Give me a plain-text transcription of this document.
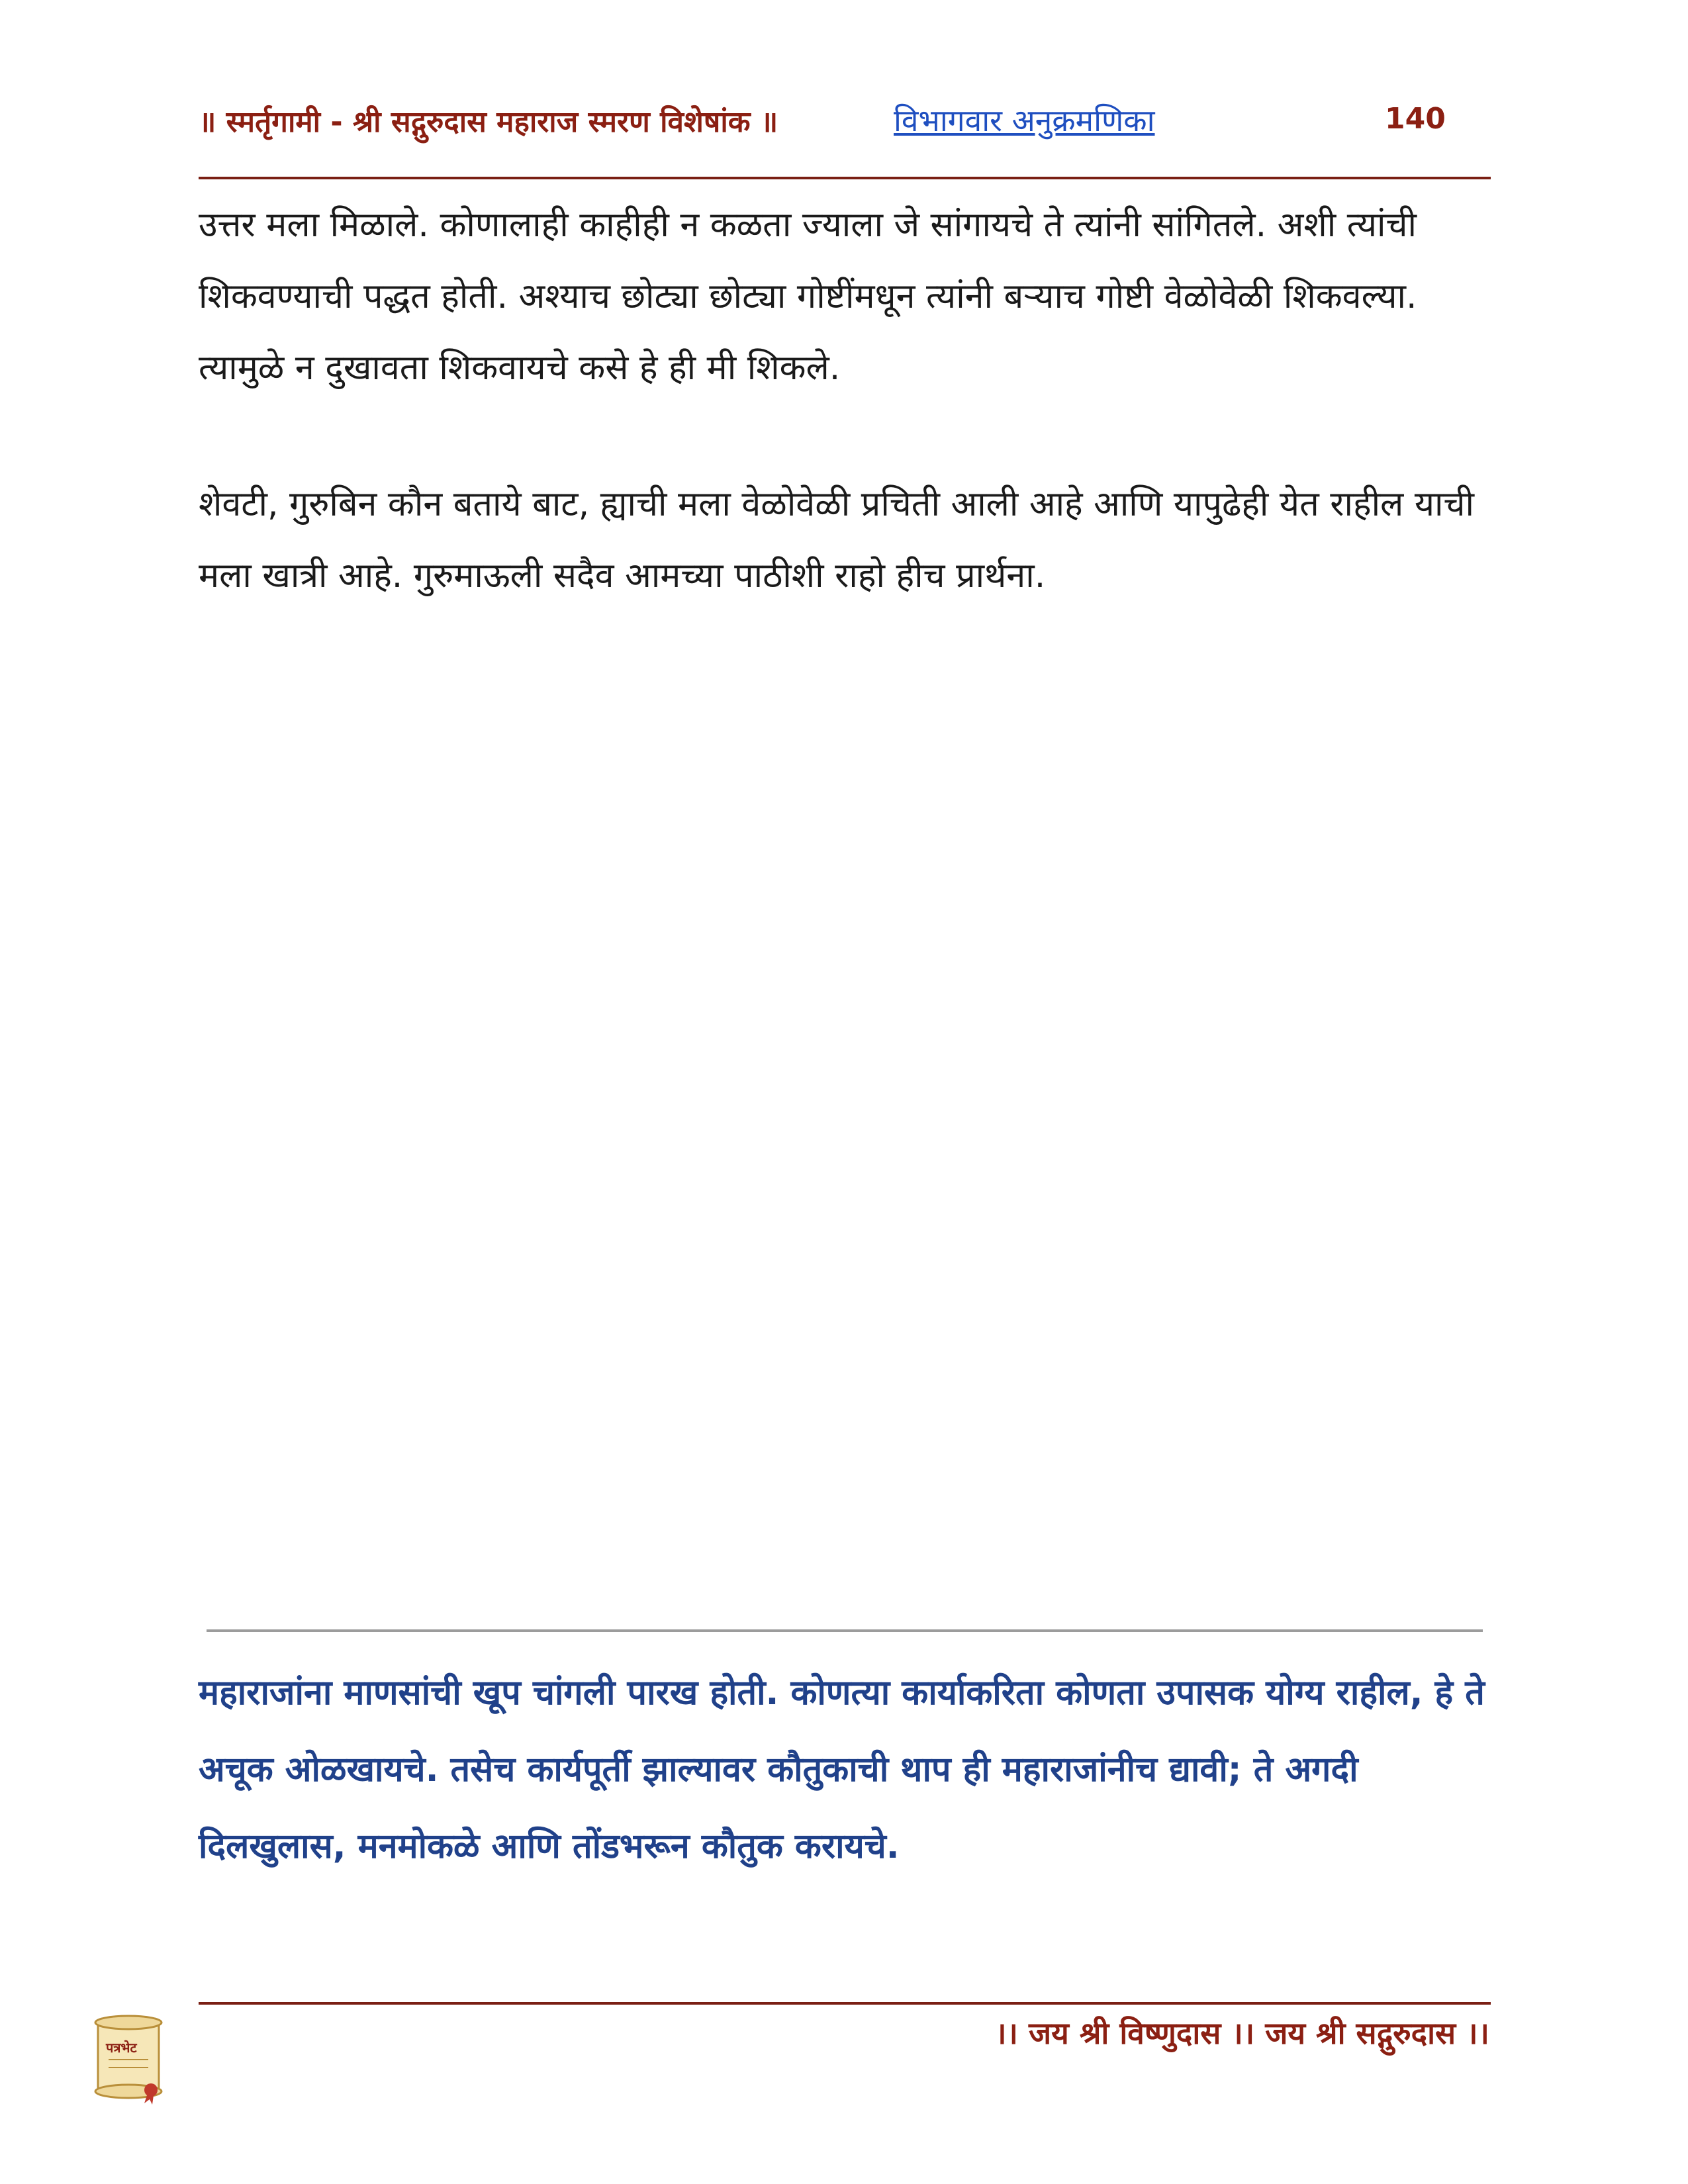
॥ स्मर्तृगामी - श्री सद्गुरुदास महाराज स्मरण विशेषांक ॥	विभागवार अनुक्रमणिका	140

उत्तर मला मिळाले. कोणालाही काहीही न कळता ज्याला जे सांगायचे ते त्यांनी सांगितले. अशी त्यांची शिकवण्याची पद्धत होती. अश्याच छोट्या छोट्या गोष्टींमधून त्यांनी बऱ्याच गोष्टी वेळोवेळी शिकवल्या. त्यामुळे न दुखावता शिकवायचे कसे हे ही मी शिकले.

शेवटी, गुरुबिन कौन बताये बाट, ह्याची मला वेळोवेळी प्रचिती आली आहे आणि यापुढेही येत राहील याची मला खात्री आहे. गुरुमाऊली सदैव आमच्या पाठीशी राहो हीच प्रार्थना.

महाराजांना माणसांची खूप चांगली पारख होती. कोणत्या कार्याकरिता कोणता उपासक योग्य राहील, हे ते अचूक ओळखायचे. तसेच कार्यपूर्ती झाल्यावर कौतुकाची थाप ही महाराजांनीच द्यावी; ते अगदी दिलखुलास, मनमोकळे आणि तोंडभरून कौतुक करायचे.

पत्रभेट	।। जय श्री विष्णुदास ।। जय श्री सद्गुरुदास ।।
